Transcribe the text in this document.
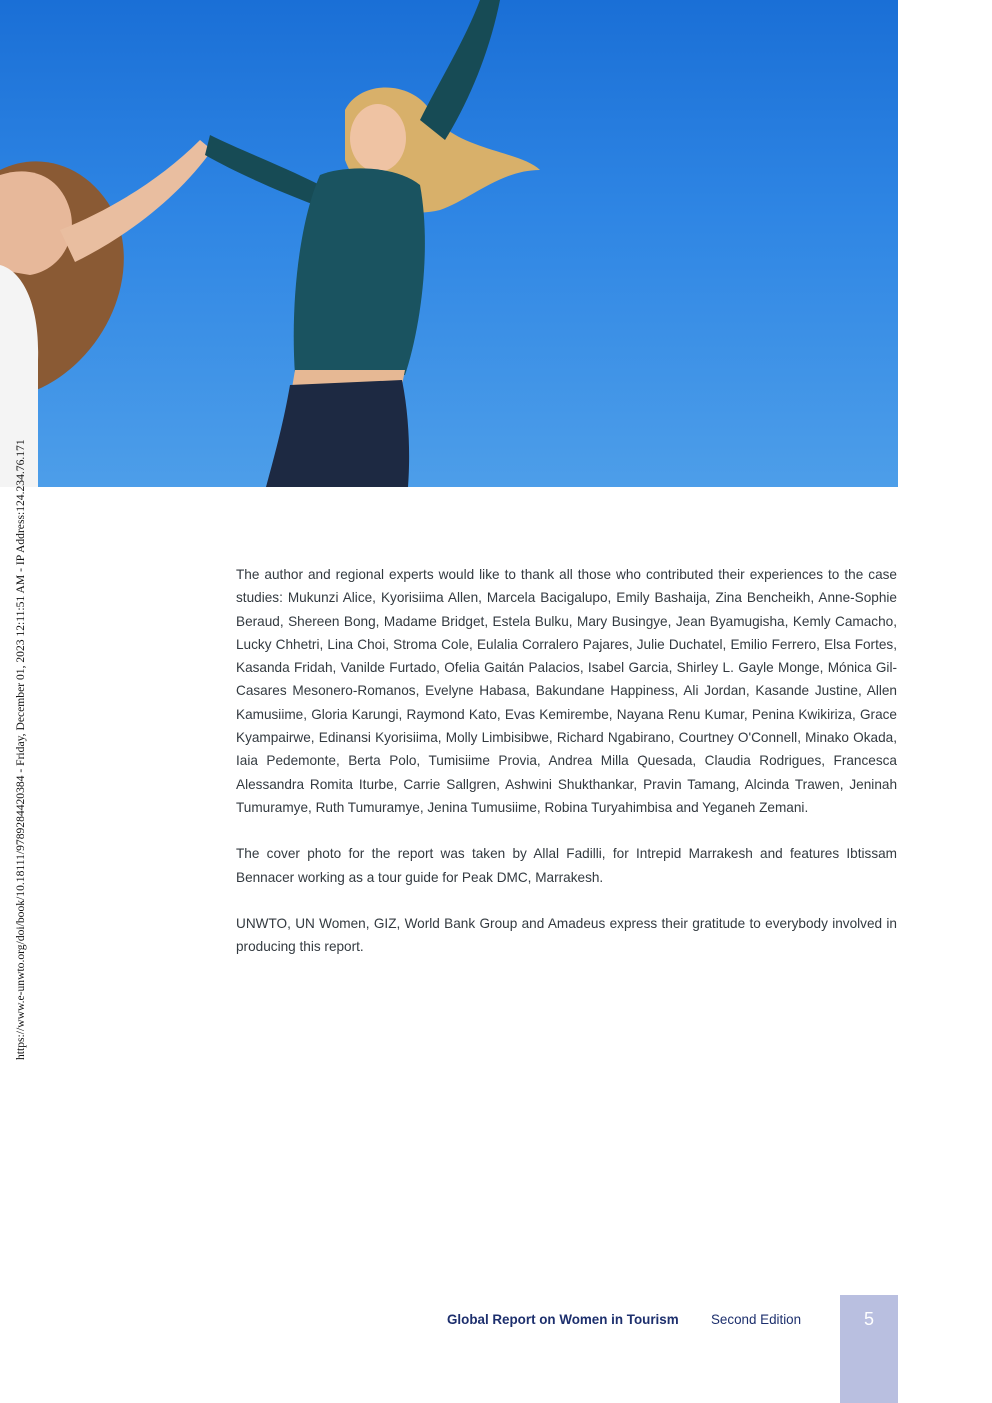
https://www.e-unwto.org/doi/book/10.18111/9789284420384 - Friday, December 01, 2023 12:11:51 AM - IP Address:124.234.76.171	The author and regional experts would like to thank all those who contributed their experiences to the case studies: Mukunzi Alice, Kyorisiima Allen, Marcela Bacigalupo, Emily Bashaija, Zina Bencheikh, Anne-Sophie Beraud, Shereen Bong, Madame Bridget, Estela Bulku, Mary Busingye, Jean Byamugisha, Kemly Camacho, Lucky Chhetri, Lina Choi, Stroma Cole, Eulalia Corralero Pajares, Julie Duchatel, Emilio Ferrero, Elsa Fortes, Kasanda Fridah, Vanilde Furtado, Ofelia Gaitán Palacios, Isabel Garcia, Shirley L. Gayle Monge, Mónica Gil-Casares Mesonero-Romanos, Evelyne Habasa, Bakundane Happiness, Ali Jordan, Kasande Justine, Allen Kamusiime, Gloria Karungi, Raymond Kato, Evas Kemirembe, Nayana Renu Kumar, Penina Kwikiriza, Grace Kyampairwe, Edinansi Kyorisiima, Molly Limbisibwe, Richard Ngabirano, Courtney O'Connell, Minako Okada, Iaia Pedemonte, Berta Polo, Tumisiime Provia, Andrea Milla Quesada, Claudia Rodrigues, Francesca Alessandra Romita Iturbe, Carrie Sallgren, Ashwini Shukthankar, Pravin Tamang, Alcinda Trawen, Jeninah Tumuramye, Ruth Tumuramye, Jenina Tumusiime, Robina Turyahimbisa and Yeganeh Zemani.

The cover photo for the report was taken by Allal Fadilli, for Intrepid Marrakesh and features Ibtissam Bennacer working as a tour guide for Peak DMC, Marrakesh.

UNWTO, UN Women, GIZ, World Bank Group and Amadeus express their gratitude to everybody involved in producing this report.

Global Report on Women in Tourism Second Edition	5
